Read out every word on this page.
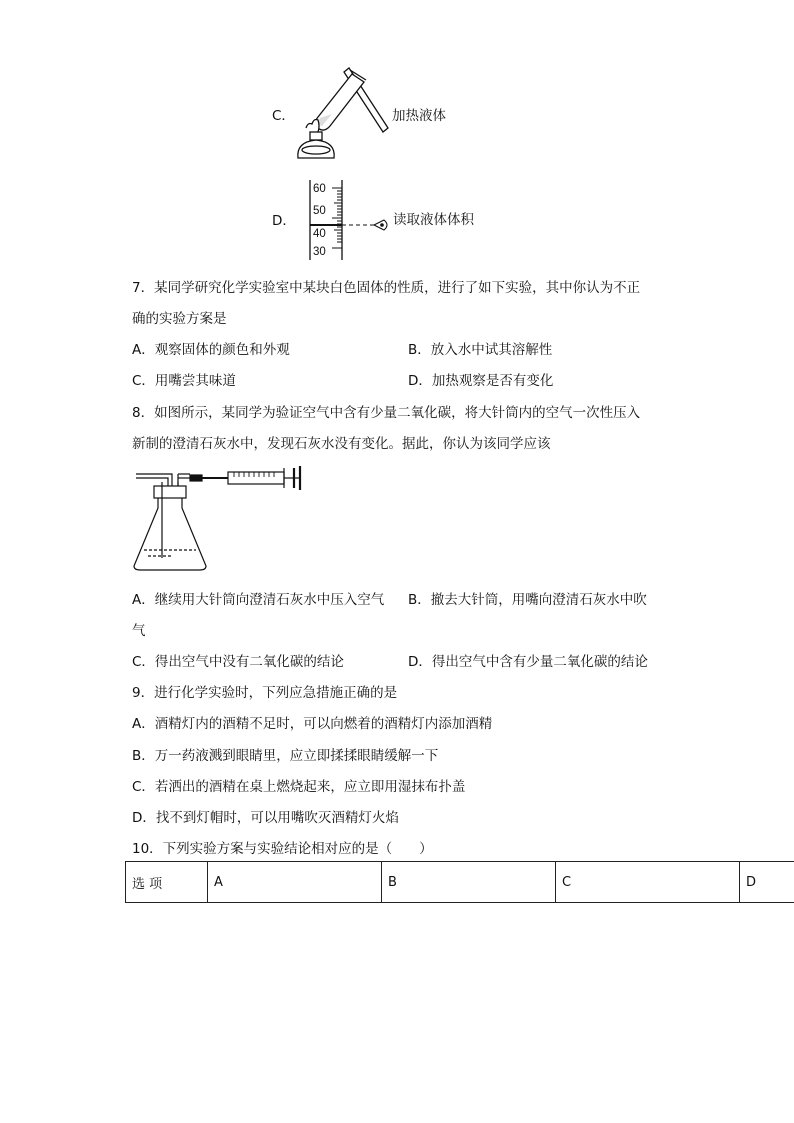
C．	加热液体
D．
60
50
40
30
读取液体体积
7．某同学研究化学实验室中某块白色固体的性质，进行了如下实验，其中你认为不正
确的实验方案是
A．观察固体的颜色和外观	B．放入水中试其溶解性
C．用嘴尝其味道	D．加热观察是否有变化
8．如图所示，某同学为验证空气中含有少量二氧化碳，将大针筒内的空气一次性压入
新制的澄清石灰水中，发现石灰水没有变化。据此，你认为该同学应该
A．继续用大针筒向澄清石灰水中压入空气 B．撤去大针筒，用嘴向澄清石灰水中吹
气
C．得出空气中没有二氧化碳的结论	D．得出空气中含有少量二氧化碳的结论
9．进行化学实验时，下列应急措施正确的是
A．酒精灯内的酒精不足时，可以向燃着的酒精灯内添加酒精
B．万一药液溅到眼睛里，应立即揉揉眼睛缓解一下
C．若洒出的酒精在桌上燃烧起来，应立即用湿抹布扑盖
D．找不到灯帽时，可以用嘴吹灭酒精灯火焰
10．下列实验方案与实验结论相对应的是（　　）
选 项	A	B	C	D
